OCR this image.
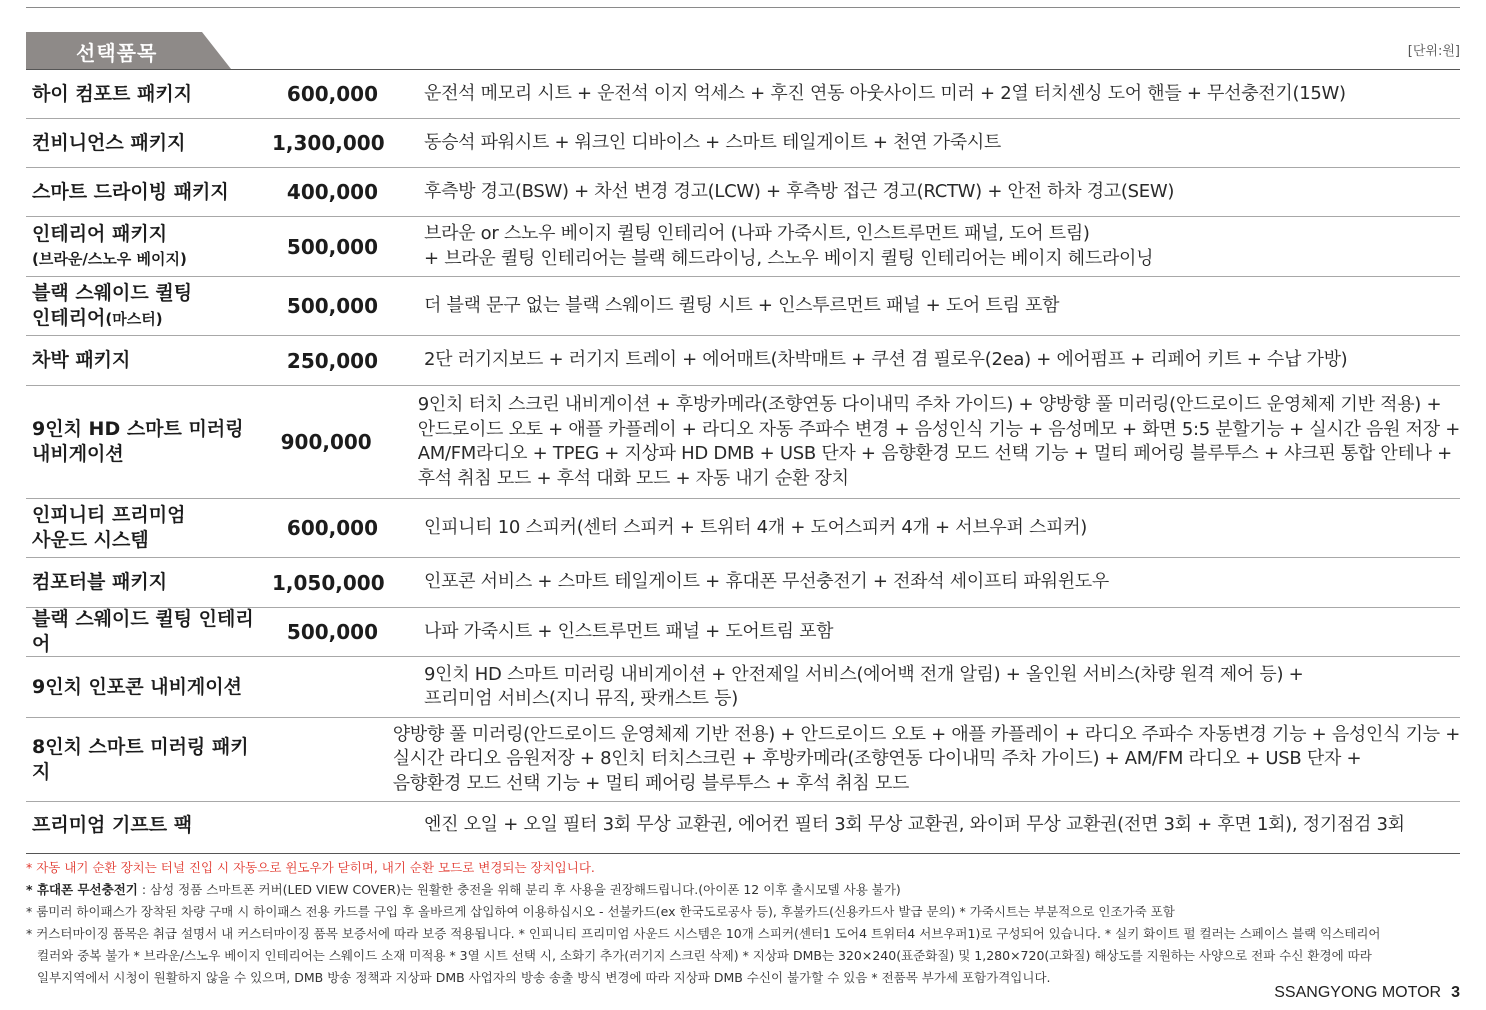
선택품목	[단위:원]
하이 컴포트 패키지	600,000	운전석 메모리 시트 + 운전석 이지 억세스 + 후진 연동 아웃사이드 미러 + 2열 터치센싱 도어 핸들 + 무선충전기(15W)
컨비니언스 패키지	1,300,000 동승석 파워시트 + 워크인 디바이스 + 스마트 테일게이트 + 천연 가죽시트
스마트 드라이빙 패키지	400,000	후측방 경고(BSW) + 차선 변경 경고(LCW) + 후측방 접근 경고(RCTW) + 안전 하차 경고(SEW)
인테리어 패키지
(브라운/스노우 베이지)	500,000
브라운 or 스노우 베이지 퀼팅 인테리어 (나파 가죽시트, 인스트루먼트 패널, 도어 트림)
+ 브라운 퀼팅 인테리어는 블랙 헤드라이닝, 스노우 베이지 퀼팅 인테리어는 베이지 헤드라이닝
블랙 스웨이드 퀼팅
인테리어(마스터)
500,000	더 블랙 문구 없는 블랙 스웨이드 퀼팅 시트 + 인스투르먼트 패널 + 도어 트림 포함
차박 패키지	250,000	2단 러기지보드 + 러기지 트레이 + 에어매트(차박매트 + 쿠션 겸 필로우(2ea) + 에어펌프 + 리페어 키트 + 수납 가방)
9인치 HD 스마트 미러링
내비게이션	900,000
9인치 터치 스크린 내비게이션 + 후방카메라(조향연동 다이내믹 주차 가이드) + 양방향 풀 미러링(안드로이드 운영체제 기반 적용) +
안드로이드 오토 + 애플 카플레이 + 라디오 자동 주파수 변경 + 음성인식 기능 + 음성메모 + 화면 5:5 분할기능 + 실시간 음원 저장 +
AM/FM라디오 + TPEG + 지상파 HD DMB + USB 단자 + 음향환경 모드 선택 기능 + 멀티 페어링 블루투스 + 샤크핀 통합 안테나 +
후석 취침 모드 + 후석 대화 모드 + 자동 내기 순환 장치
인피니티 프리미엄
사운드 시스템	600,000	인피니티 10 스피커(센터 스피커 + 트위터 4개 + 도어스피커 4개 + 서브우퍼 스피커)
컴포터블 패키지	1,050,000 인포콘 서비스 + 스마트 테일게이트 + 휴대폰 무선충전기 + 전좌석 세이프티 파워윈도우
블랙 스웨이드 퀼팅 인테리어	500,000	나파 가죽시트 + 인스트루먼트 패널 + 도어트림 포함
9인치 인포콘 내비게이션
9인치 HD 스마트 미러링 내비게이션 + 안전제일 서비스(에어백 전개 알림) + 올인원 서비스(차량 원격 제어 등) +
프리미엄 서비스(지니 뮤직, 팟캐스트 등)
8인치 스마트 미러링 패키지
양방향 풀 미러링(안드로이드 운영체제 기반 전용) + 안드로이드 오토 + 애플 카플레이 + 라디오 주파수 자동변경 기능 + 음성인식 기능 +
실시간 라디오 음원저장 + 8인치 터치스크린 + 후방카메라(조향연동 다이내믹 주차 가이드) + AM/FM 라디오 + USB 단자 +
음향환경 모드 선택 기능 + 멀티 페어링 블루투스 + 후석 취침 모드
프리미엄 기프트 팩	엔진 오일 + 오일 필터 3회 무상 교환권, 에어컨 필터 3회 무상 교환권, 와이퍼 무상 교환권(전면 3회 + 후면 1회), 정기점검 3회
* 자동 내기 순환 장치는 터널 진입 시 자동으로 윈도우가 닫히며, 내기 순환 모드로 변경되는 장치입니다.
* 휴대폰 무선충전기 : 삼성 정품 스마트폰 커버(LED VIEW COVER)는 원활한 충전을 위해 분리 후 사용을 권장해드립니다.(아이폰 12 이후 출시모델 사용 불가)
* 룸미러 하이패스가 장착된 차량 구매 시 하이패스 전용 카드를 구입 후 올바르게 삽입하여 이용하십시오 - 선불카드(ex 한국도로공사 등), 후불카드(신용카드사 발급 문의) * 가죽시트는 부분적으로 인조가죽 포함
* 커스터마이징 품목은 취급 설명서 내 커스터마이징 품목 보증서에 따라 보증 적용됩니다. * 인피니티 프리미엄 사운드 시스템은 10개 스피커(센터1 도어4 트위터4 서브우퍼1)로 구성되어 있습니다. * 실키 화이트 펄 컬러는 스페이스 블랙 익스테리어
컬러와 중복 불가 * 브라운/스노우 베이지 인테리어는 스웨이드 소재 미적용 * 3열 시트 선택 시, 소화기 추가(러기지 스크린 삭제) * 지상파 DMB는 320×240(표준화질) 및 1,280×720(고화질) 해상도를 지원하는 사양으로 전파 수신 환경에 따라
일부지역에서 시청이 원활하지 않을 수 있으며, DMB 방송 정책과 지상파 DMB 사업자의 방송 송출 방식 변경에 따라 지상파 DMB 수신이 불가할 수 있음 * 전품목 부가세 포함가격입니다.
SSANGYONG MOTOR 3
